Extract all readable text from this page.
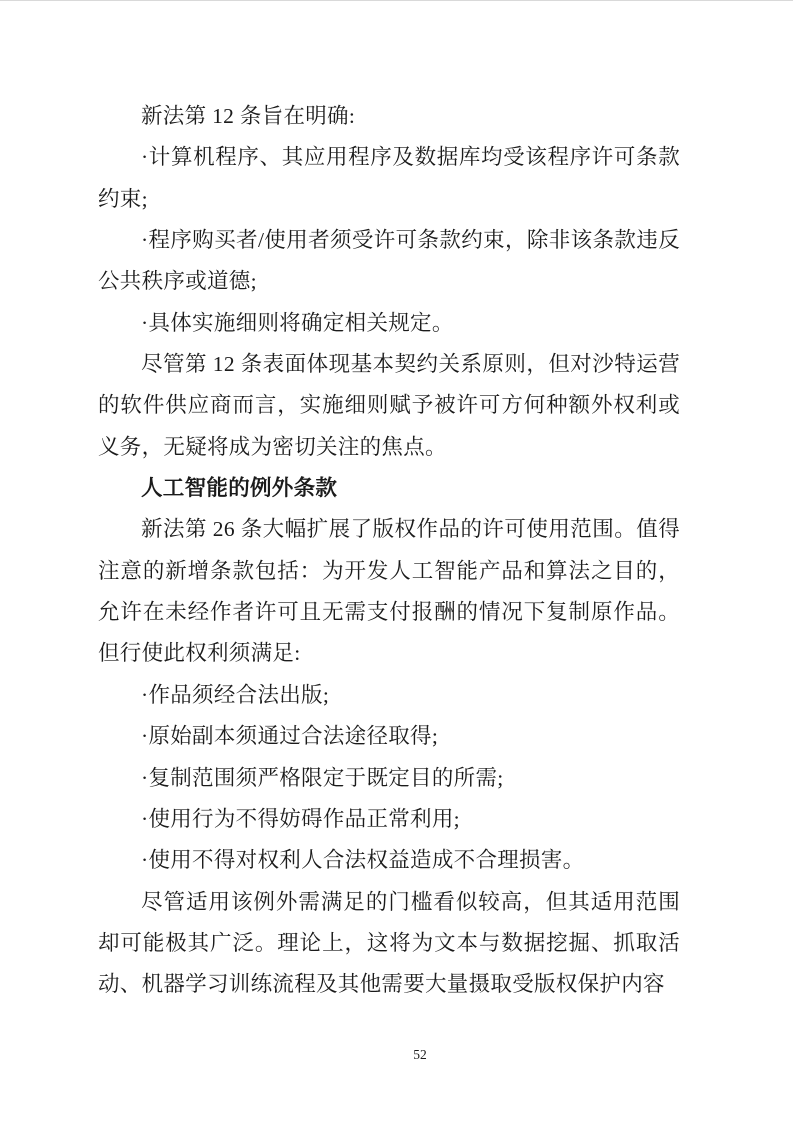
新法第 12 条旨在明确:

·计算机程序、其应用程序及数据库均受该程序许可条款约束;

·程序购买者/使用者须受许可条款约束，除非该条款违反公共秩序或道德;

·具体实施细则将确定相关规定。

尽管第 12 条表面体现基本契约关系原则，但对沙特运营的软件供应商而言，实施细则赋予被许可方何种额外权利或义务，无疑将成为密切关注的焦点。

人工智能的例外条款

新法第 26 条大幅扩展了版权作品的许可使用范围。值得注意的新增条款包括：为开发人工智能产品和算法之目的，允许在未经作者许可且无需支付报酬的情况下复制原作品。但行使此权利须满足:

·作品须经合法出版;

·原始副本须通过合法途径取得;

·复制范围须严格限定于既定目的所需;

·使用行为不得妨碍作品正常利用;

·使用不得对权利人合法权益造成不合理损害。

尽管适用该例外需满足的门槛看似较高，但其适用范围却可能极其广泛。理论上，这将为文本与数据挖掘、抓取活动、机器学习训练流程及其他需要大量摄取受版权保护内容

52
